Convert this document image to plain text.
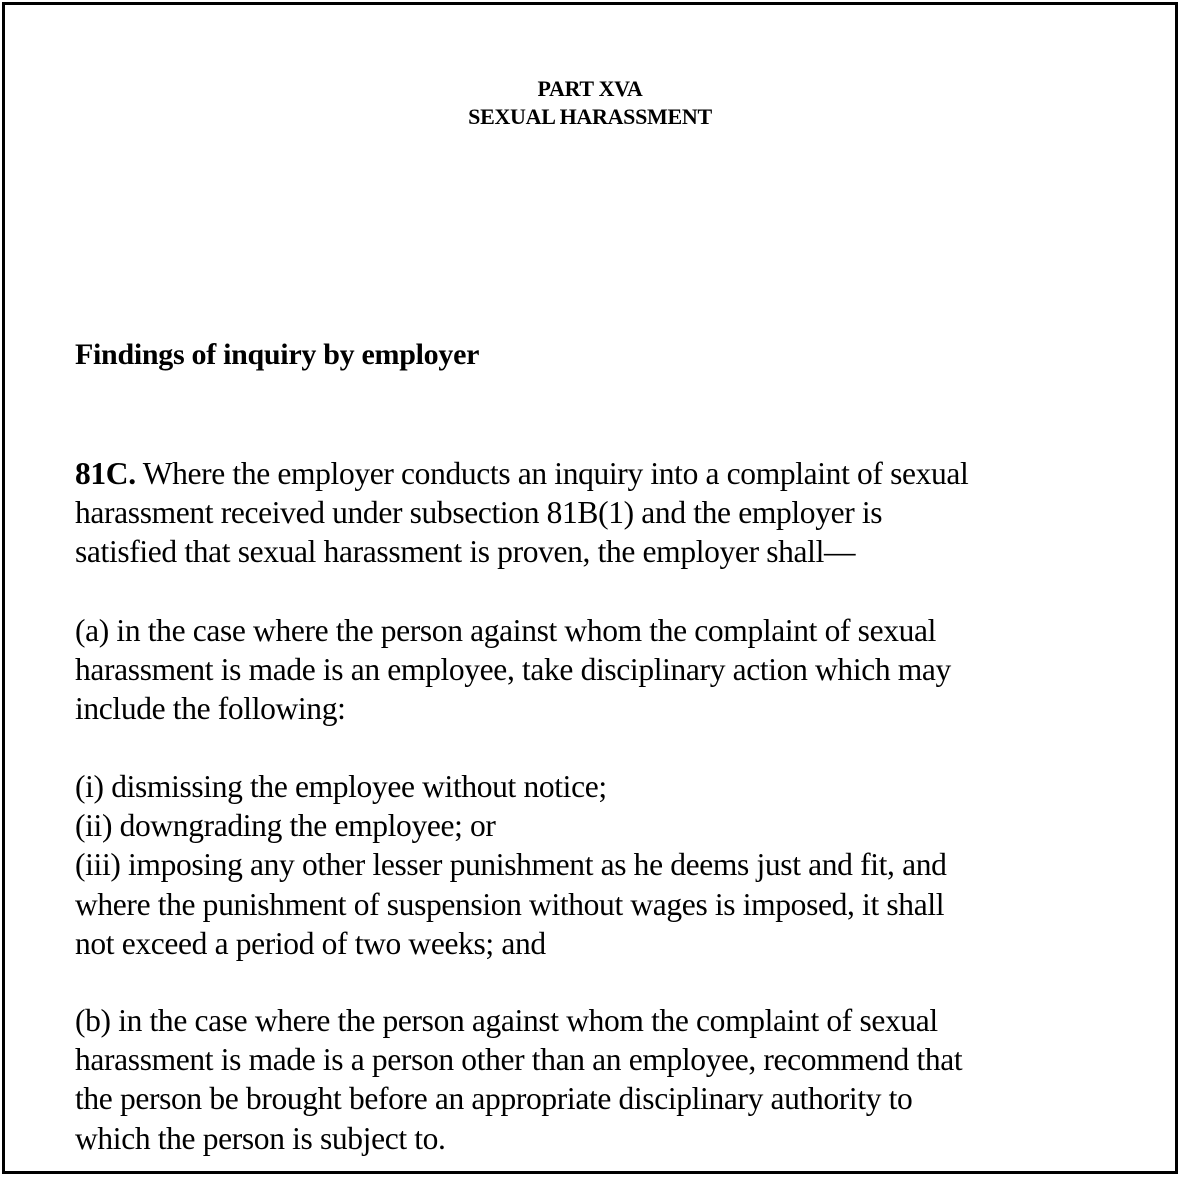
PART XVA
SEXUAL HARASSMENT
Findings of inquiry by employer
81C. Where the employer conducts an inquiry into a complaint of sexual
harassment received under subsection 81B(1) and the employer is
satisfied that sexual harassment is proven, the employer shall—
(a) in the case where the person against whom the complaint of sexual
harassment is made is an employee, take disciplinary action which may
include the following:
(i) dismissing the employee without notice;
(ii) downgrading the employee; or
(iii) imposing any other lesser punishment as he deems just and fit, and
where the punishment of suspension without wages is imposed, it shall
not exceed a period of two weeks; and
(b) in the case where the person against whom the complaint of sexual
harassment is made is a person other than an employee, recommend that
the person be brought before an appropriate disciplinary authority to
which the person is subject to.
